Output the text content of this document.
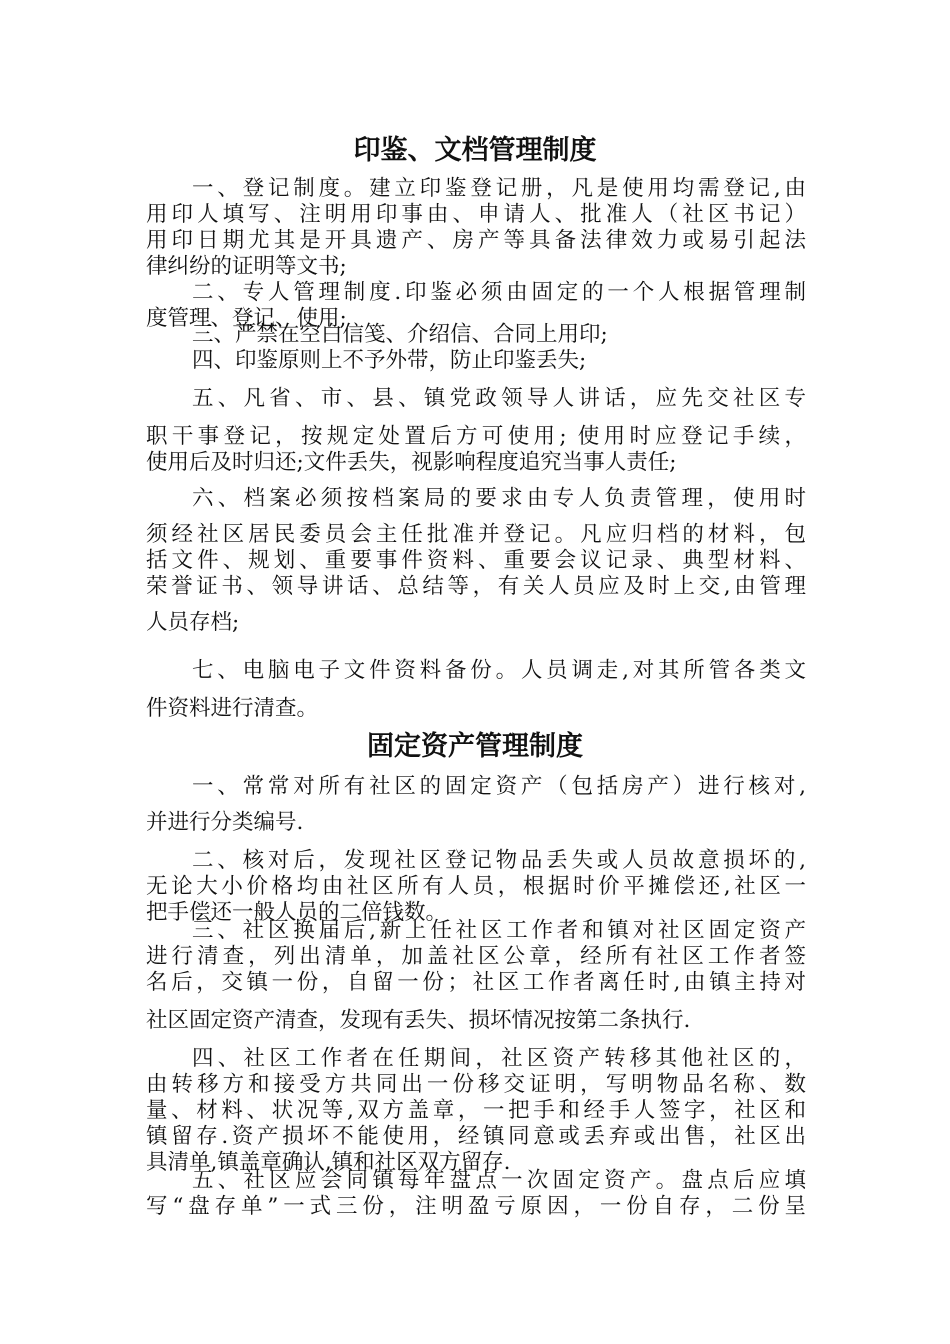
印鉴、文档管理制度
一、登记制度。建立印鉴登记册，凡是使用均需登记,由
用印人填写、注明用印事由、申请人、批准人（社区书记）
用印日期尤其是开具遗产、房产等具备法律效力或易引起法
律纠纷的证明等文书;
二、专人管理制度.印鉴必须由固定的一个人根据管理制
度管理、登记、使用;
三、严禁在空白信笺、介绍信、合同上用印;
四、印鉴原则上不予外带，防止印鉴丢失;
五、凡省、市、县、镇党政领导人讲话，应先交社区专
职干事登记，按规定处置后方可使用; 使用时应登记手续，
使用后及时归还;文件丢失，视影响程度追究当事人责任;
六、档案必须按档案局的要求由专人负责管理，使用时
须经社区居民委员会主任批准并登记。凡应归档的材料，包
括文件、规划、重要事件资料、重要会议记录、典型材料、
荣誉证书、领导讲话、总结等，有关人员应及时上交,由管理
人员存档;
七、电脑电子文件资料备份。人员调走,对其所管各类文
件资料进行清查。
固定资产管理制度
一、常常对所有社区的固定资产（包括房产）进行核对,
并进行分类编号.
二、核对后，发现社区登记物品丢失或人员故意损坏的,
无论大小价格均由社区所有人员，根据时价平摊偿还,社区一
把手偿还一般人员的二倍钱数。
三、社区换届后,新上任社区工作者和镇对社区固定资产
进行清查，列出清单，加盖社区公章，经所有社区工作者签
名后，交镇一份，自留一份；社区工作者离任时,由镇主持对
社区固定资产清查，发现有丢失、损坏情况按第二条执行.
四、社区工作者在任期间，社区资产转移其他社区的，
由转移方和接受方共同出一份移交证明，写明物品名称、数
量、材料、状况等,双方盖章，一把手和经手人签字，社区和
镇留存.资产损坏不能使用，经镇同意或丢弃或出售，社区出
具清单,镇盖章确认,镇和社区双方留存.
五、社区应会同镇每年盘点一次固定资产。盘点后应填
写“盘存单”一式三份，注明盈亏原因，一份自存，二份呈
